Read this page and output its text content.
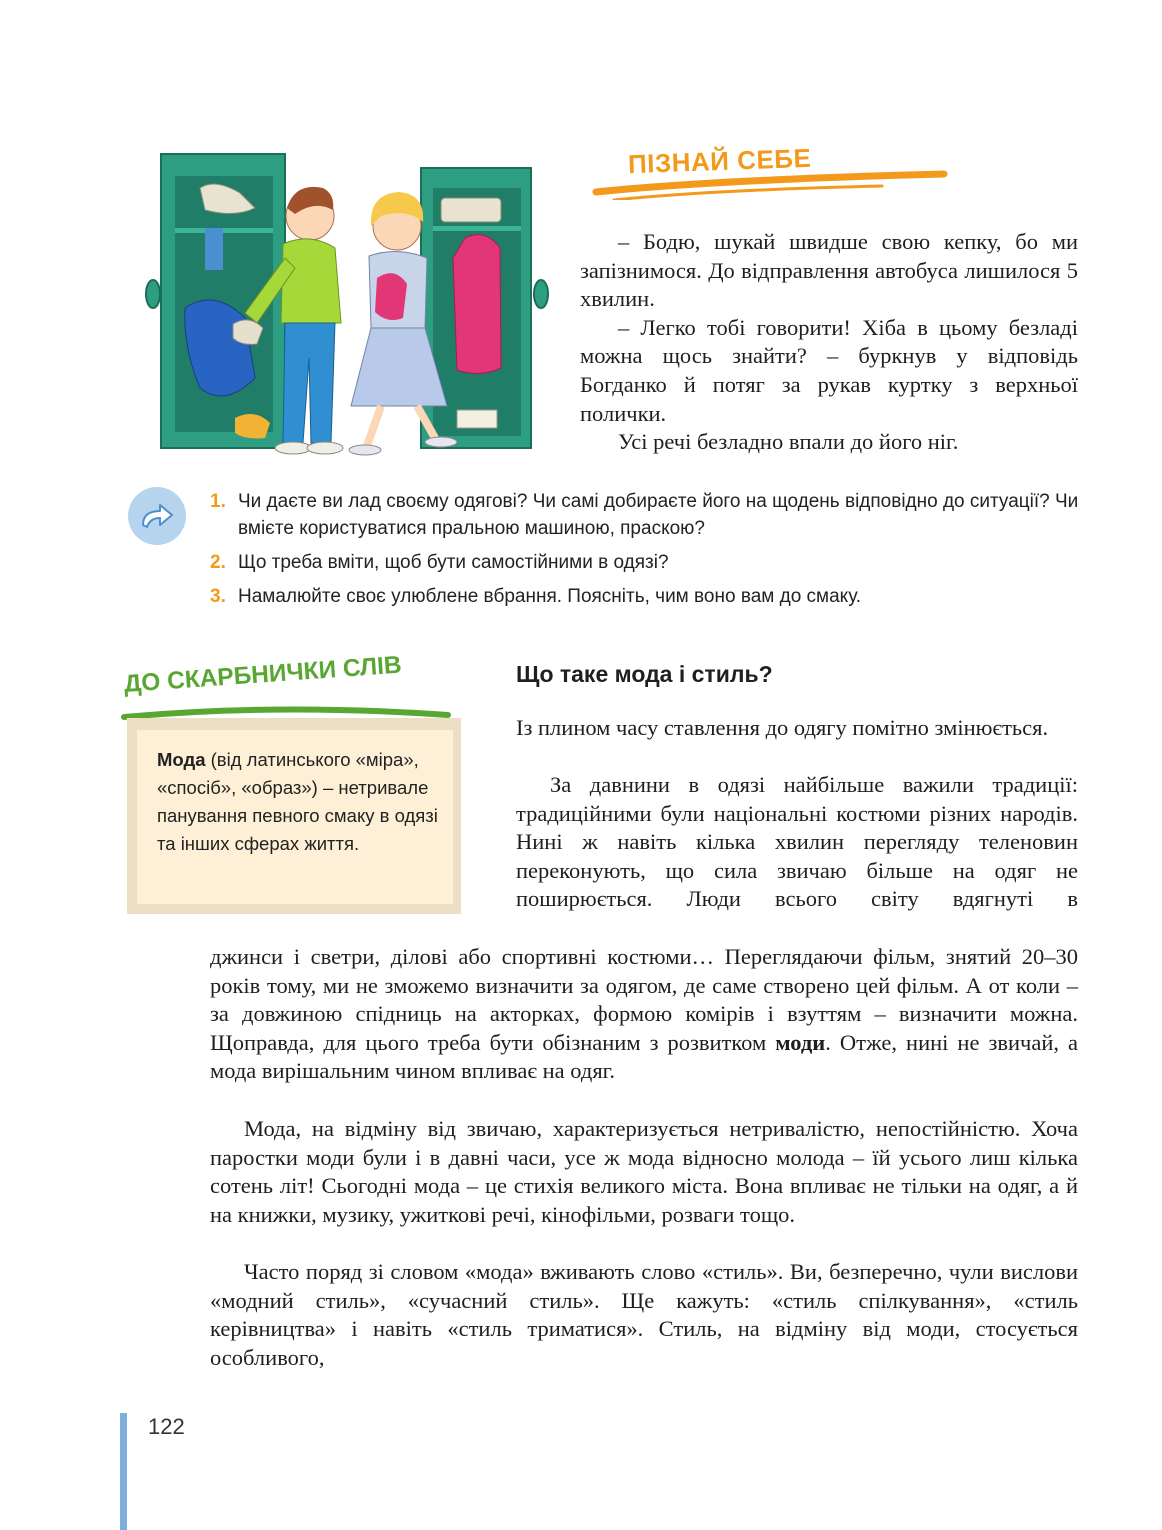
ПІЗНАЙ СЕБЕ

– Бодю, шукай швидше свою кепку, бо ми запізнимося. До відправлення автобуса лишилося 5 хвилин.

– Легко тобі говорити! Хіба в цьому безладі можна щось знайти? – буркнув у відповідь Богданко й потяг за рукав куртку з верхньої полички.

Усі речі безладно впали до його ніг.

1. Чи даєте ви лад своєму одягові? Чи самі добираєте його на щодень відповідно до ситуації? Чи вмієте користуватися пральною машиною, праскою?
2. Що треба вміти, щоб бути самостійними в одязі?
3. Намалюйте своє улюблене вбрання. Поясніть, чим воно вам до смаку.
ДО СКАРБНИЧКИ СЛІВ

Мода (від латинського «міра», «спосіб», «образ») – нетривале панування певного смаку в одязі та інших сферах життя.

Що таке мода і стиль?

Із плином часу ставлення до одягу помітно змінюється.

За давнини в одязі найбільше важили традиції: традиційними були національні костюми різних народів. Нині ж навіть кілька хвилин перегляду теленовин переконують, що сила звичаю більше на одяг не поширюється. Люди всього світу вдягнуті в

джинси і светри, ділові або спортивні костюми… Переглядаючи фільм, знятий 20–30 років тому, ми не зможемо визначити за одягом, де саме створено цей фільм. А от коли – за довжиною спідниць на акторках, формою комірів і взуттям – визначити можна. Щоправда, для цього треба бути обізнаним з розвитком моди. Отже, нині не звичай, а мода вирішальним чином впливає на одяг.

Мода, на відміну від звичаю, характеризується нетривалістю, непостійністю. Хоча паростки моди були і в давні часи, усе ж мода відносно молода – їй усього лиш кілька сотень літ! Сьогодні мода – це стихія великого міста. Вона впливає не тільки на одяг, а й на книжки, музику, ужиткові речі, кінофільми, розваги тощо.

Часто поряд зі словом «мода» вживають слово «стиль». Ви, безперечно, чули вислови «модний стиль», «сучасний стиль». Ще кажуть: «стиль спілкування», «стиль керівництва» і навіть «стиль триматися». Стиль, на відміну від моди, стосується особливого,

122
